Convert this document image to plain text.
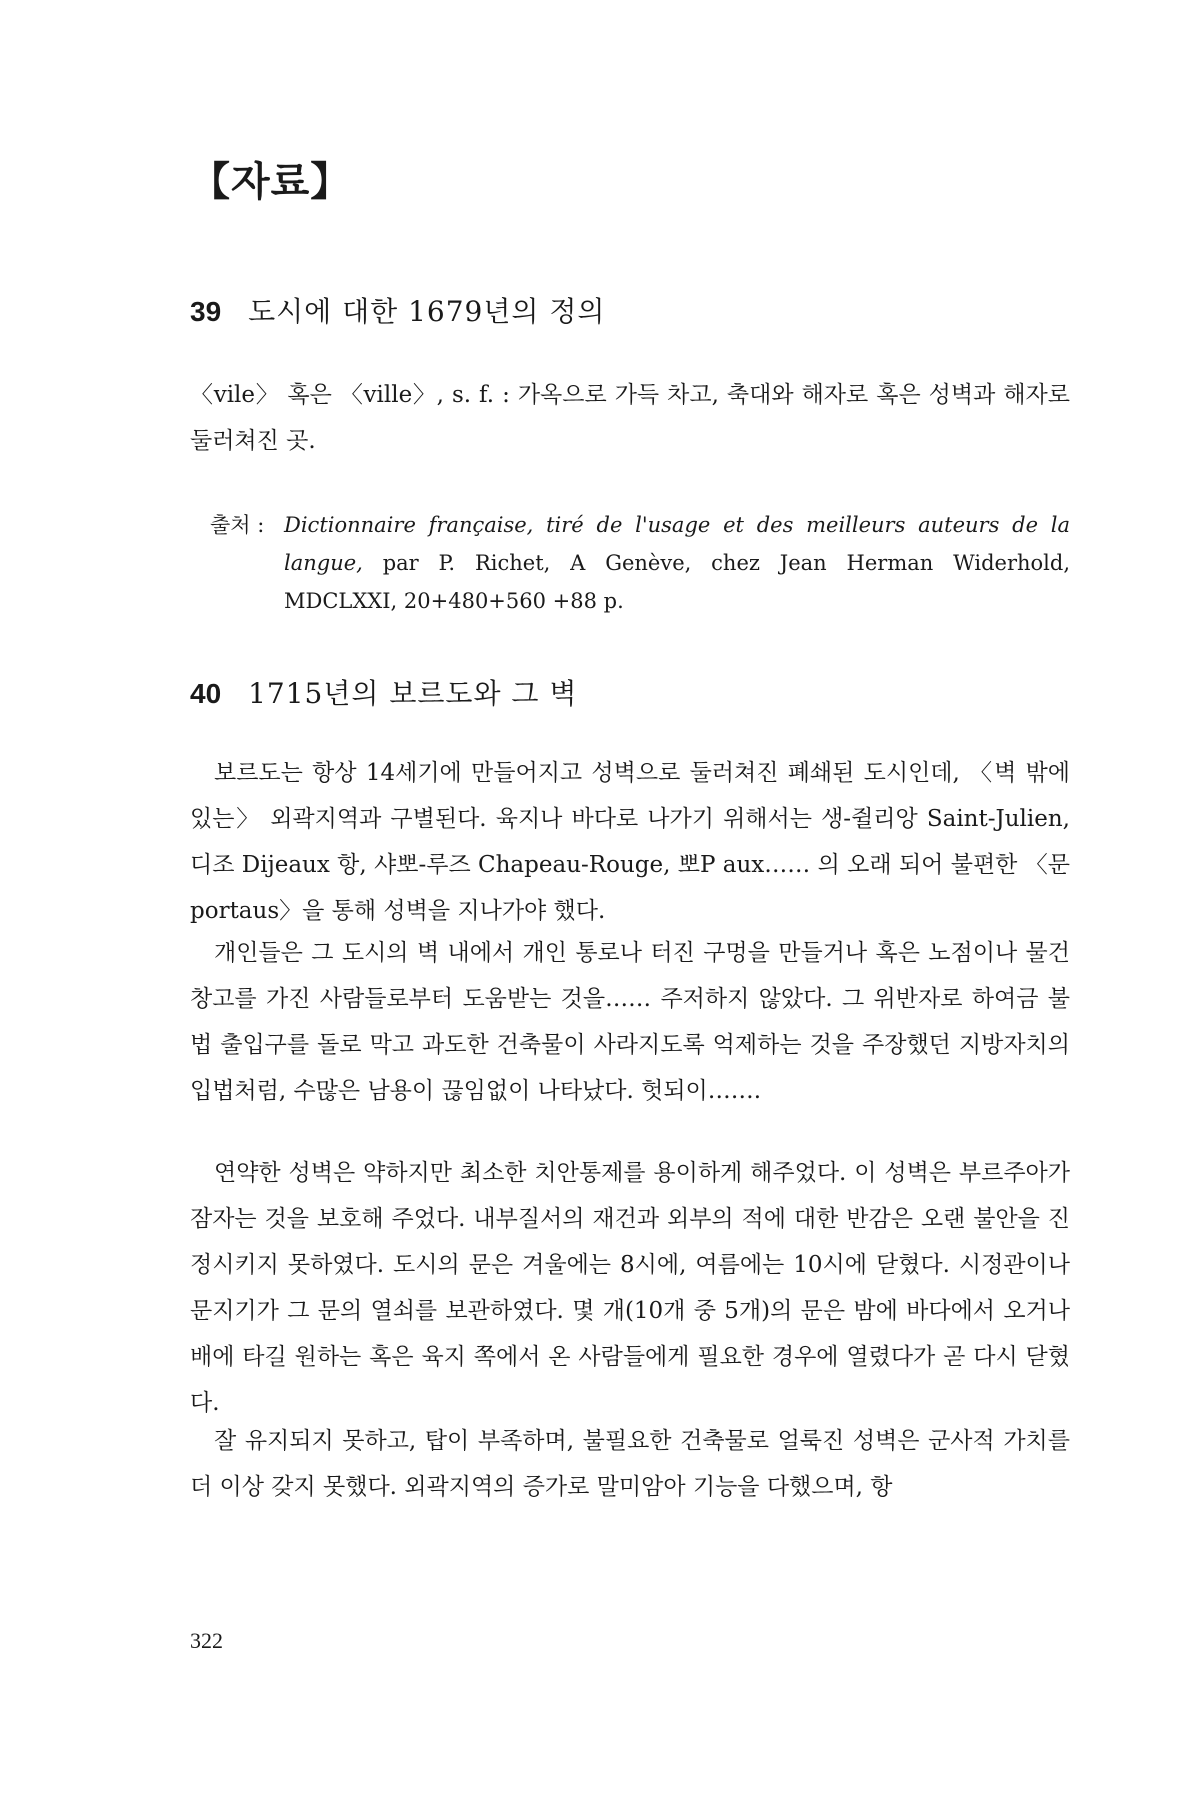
【자료】
39 도시에 대한 1679년의 정의

〈vile〉 혹은 〈ville〉, s. f. : 가옥으로 가득 차고, 축대와 해자로 혹은 성벽과 해자로 둘러쳐진 곳.

출처 : Dictionnaire française, tiré de l'usage et des meilleurs auteurs de la langue, par P. Richet, A Genève, chez Jean Herman Widerhold, MDCLXXI, 20+480+560 +88 p.
40 1715년의 보르도와 그 벽

보르도는 항상 14세기에 만들어지고 성벽으로 둘러쳐진 폐쇄된 도시인데, 〈벽 밖에 있는〉 외곽지역과 구별된다. 육지나 바다로 나가기 위해서는 생-쥘리앙 Saint-Julien, 디조 Dijeaux 항, 샤뽀-루즈 Chapeau-Rouge, 뽀P aux…… 의 오래 되어 불편한 〈문 portaus〉을 통해 성벽을 지나가야 했다.

개인들은 그 도시의 벽 내에서 개인 통로나 터진 구멍을 만들거나 혹은 노점이나 물건창고를 가진 사람들로부터 도움받는 것을…… 주저하지 않았다. 그 위반자로 하여금 불법 출입구를 돌로 막고 과도한 건축물이 사라지도록 억제하는 것을 주장했던 지방자치의 입법처럼, 수많은 남용이 끊임없이 나타났다. 헛되이…….

연약한 성벽은 약하지만 최소한 치안통제를 용이하게 해주었다. 이 성벽은 부르주아가 잠자는 것을 보호해 주었다. 내부질서의 재건과 외부의 적에 대한 반감은 오랜 불안을 진정시키지 못하였다. 도시의 문은 겨울에는 8시에, 여름에는 10시에 닫혔다. 시정관이나 문지기가 그 문의 열쇠를 보관하였다. 몇 개(10개 중 5개)의 문은 밤에 바다에서 오거나 배에 타길 원하는 혹은 육지 쪽에서 온 사람들에게 필요한 경우에 열렸다가 곧 다시 닫혔다.

잘 유지되지 못하고, 탑이 부족하며, 불필요한 건축물로 얼룩진 성벽은 군사적 가치를 더 이상 갖지 못했다. 외곽지역의 증가로 말미암아 기능을 다했으며, 항

322
